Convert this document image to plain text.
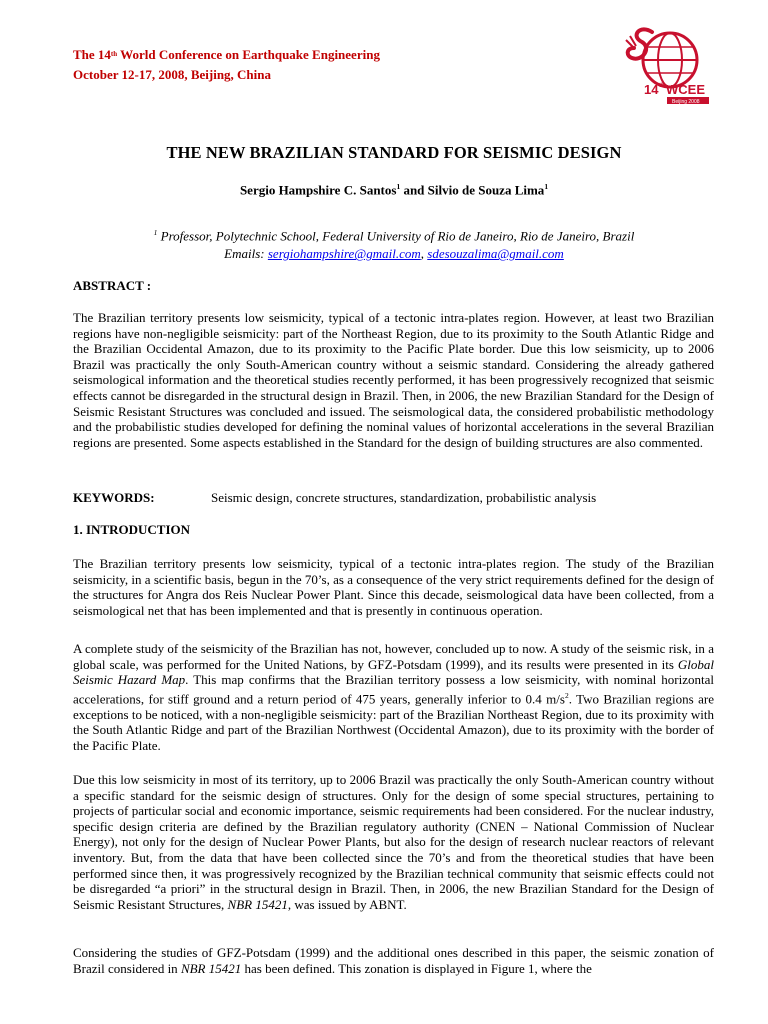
The 14th World Conference on Earthquake Engineering
October 12-17, 2008, Beijing, China
14 th WCEE
Beijing 2008
THE NEW BRAZILIAN STANDARD FOR SEISMIC DESIGN
Sergio Hampshire C. Santos$^1$ and Silvio de Souza Lima$^1$
$^1$ Professor, Polytechnic School, Federal University of Rio de Janeiro, Rio de Janeiro, Brazil
Emails: sergiohampshire@gmail.com, sdesouzalima@gmail.com
ABSTRACT :
The Brazilian territory presents low seismicity, typical of a tectonic intra-plates region. However, at least two Brazilian regions have non-negligible seismicity: part of the Northeast Region, due to its proximity to the South Atlantic Ridge and the Brazilian Occidental Amazon, due to its proximity to the Pacific Plate border. Due this low seismicity, up to 2006 Brazil was practically the only South-American country without a seismic standard. Considering the already gathered seismological information and the theoretical studies recently performed, it has been progressively recognized that seismic effects cannot be disregarded in the structural design in Brazil. Then, in 2006, the new Brazilian Standard for the Design of Seismic Resistant Structures was concluded and issued. The seismological data, the considered probabilistic methodology and the probabilistic studies developed for defining the nominal values of horizontal accelerations in the several Brazilian regions are presented. Some aspects established in the Standard for the design of building structures are also commented.
KEYWORDS:	Seismic design, concrete structures, standardization, probabilistic analysis
1. INTRODUCTION
The Brazilian territory presents low seismicity, typical of a tectonic intra-plates region. The study of the Brazilian seismicity, in a scientific basis, begun in the 70’s, as a consequence of the very strict requirements defined for the design of the structures for Angra dos Reis Nuclear Power Plant. Since this decade, seismological data have been collected, from a seismological net that has been implemented and that is presently in continuous operation.
A complete study of the seismicity of the Brazilian has not, however, concluded up to now. A study of the seismic risk, in a global scale, was performed for the United Nations, by GFZ-Potsdam (1999), and its results were presented in its Global Seismic Hazard Map. This map confirms that the Brazilian territory possess a low seismicity, with nominal horizontal accelerations, for stiff ground and a return period of 475 years, generally inferior to 0.4 $m/s^2$. Two Brazilian regions are exceptions to be noticed, with a non-negligible seismicity: part of the Brazilian Northeast Region, due to its proximity with the South Atlantic Ridge and part of the Brazilian Northwest (Occidental Amazon), due to its proximity with the border of the Pacific Plate.
Due this low seismicity in most of its territory, up to 2006 Brazil was practically the only South-American country without a specific standard for the seismic design of structures. Only for the design of some special structures, pertaining to projects of particular social and economic importance, seismic requirements had been considered. For the nuclear industry, specific design criteria are defined by the Brazilian regulatory authority (CNEN – National Commission of Nuclear Energy), not only for the design of Nuclear Power Plants, but also for the design of research nuclear reactors of relevant inventory. But, from the data that have been collected since the 70’s and from the theoretical studies that have been performed since then, it was progressively recognized by the Brazilian technical community that seismic effects could not be disregarded “a priori” in the structural design in Brazil. Then, in 2006, the new Brazilian Standard for the Design of Seismic Resistant Structures, NBR 15421, was issued by ABNT.
Considering the studies of GFZ-Potsdam (1999) and the additional ones described in this paper, the seismic zonation of Brazil considered in NBR 15421 has been defined. This zonation is displayed in Figure 1, where the
